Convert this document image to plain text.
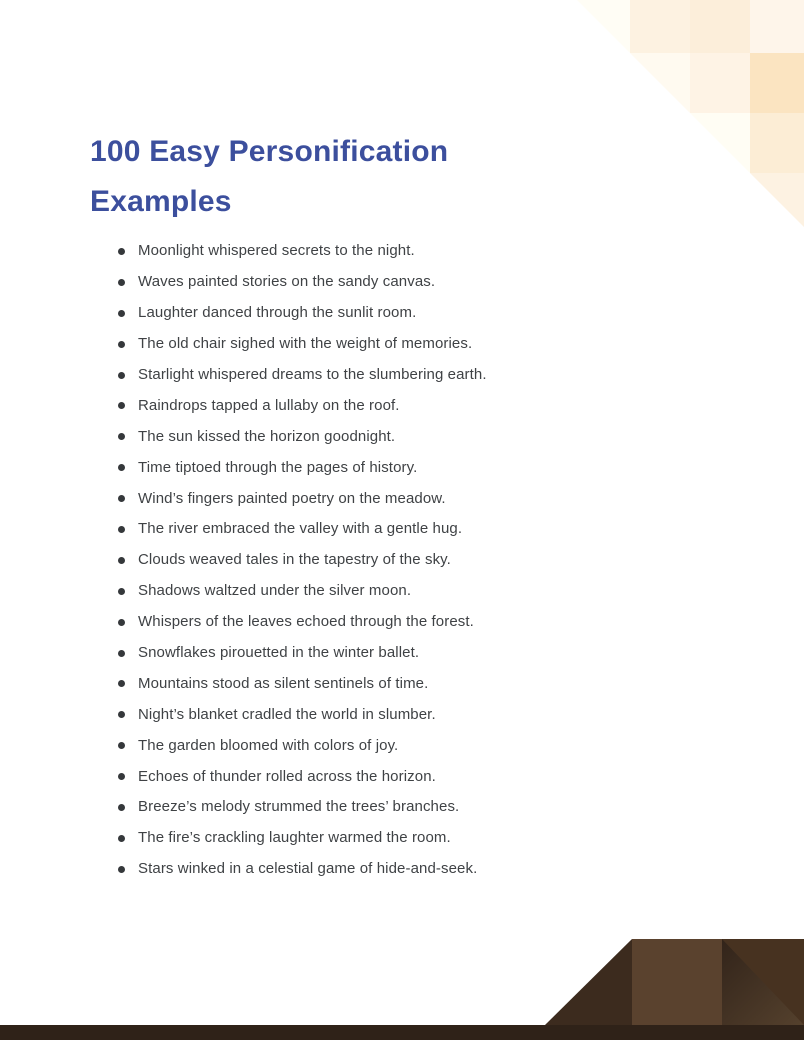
100 Easy Personification Examples
Moonlight whispered secrets to the night.
Waves painted stories on the sandy canvas.
Laughter danced through the sunlit room.
The old chair sighed with the weight of memories.
Starlight whispered dreams to the slumbering earth.
Raindrops tapped a lullaby on the roof.
The sun kissed the horizon goodnight.
Time tiptoed through the pages of history.
Wind’s fingers painted poetry on the meadow.
The river embraced the valley with a gentle hug.
Clouds weaved tales in the tapestry of the sky.
Shadows waltzed under the silver moon.
Whispers of the leaves echoed through the forest.
Snowflakes pirouetted in the winter ballet.
Mountains stood as silent sentinels of time.
Night’s blanket cradled the world in slumber.
The garden bloomed with colors of joy.
Echoes of thunder rolled across the horizon.
Breeze’s melody strummed the trees’ branches.
The fire’s crackling laughter warmed the room.
Stars winked in a celestial game of hide-and-seek.
